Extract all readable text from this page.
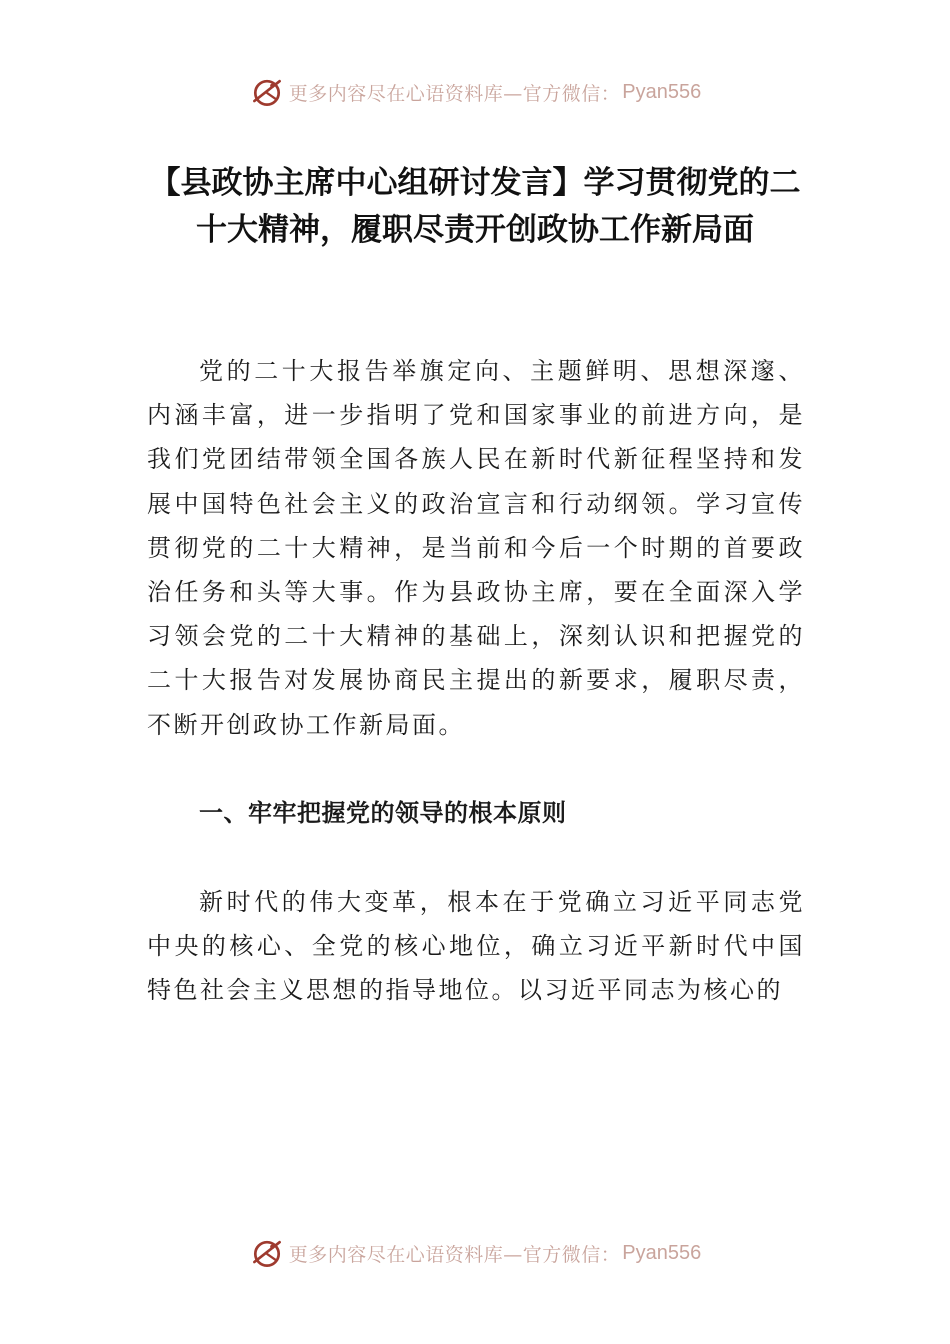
更多内容尽在心语资料库—官方微信： Pyan556
【县政协主席中心组研讨发言】学习贯彻党的二十大精神，履职尽责开创政协工作新局面

党的二十大报告举旗定向、主题鲜明、思想深邃、内涵丰富，进一步指明了党和国家事业的前进方向，是我们党团结带领全国各族人民在新时代新征程坚持和发展中国特色社会主义的政治宣言和行动纲领。学习宣传贯彻党的二十大精神，是当前和今后一个时期的首要政治任务和头等大事。作为县政协主席，要在全面深入学习领会党的二十大精神的基础上，深刻认识和把握党的二十大报告对发展协商民主提出的新要求，履职尽责，不断开创政协工作新局面。

一、牢牢把握党的领导的根本原则

新时代的伟大变革，根本在于党确立习近平同志党中央的核心、全党的核心地位，确立习近平新时代中国特色社会主义思想的指导地位。以习近平同志为核心的

更多内容尽在心语资料库—官方微信： Pyan556
